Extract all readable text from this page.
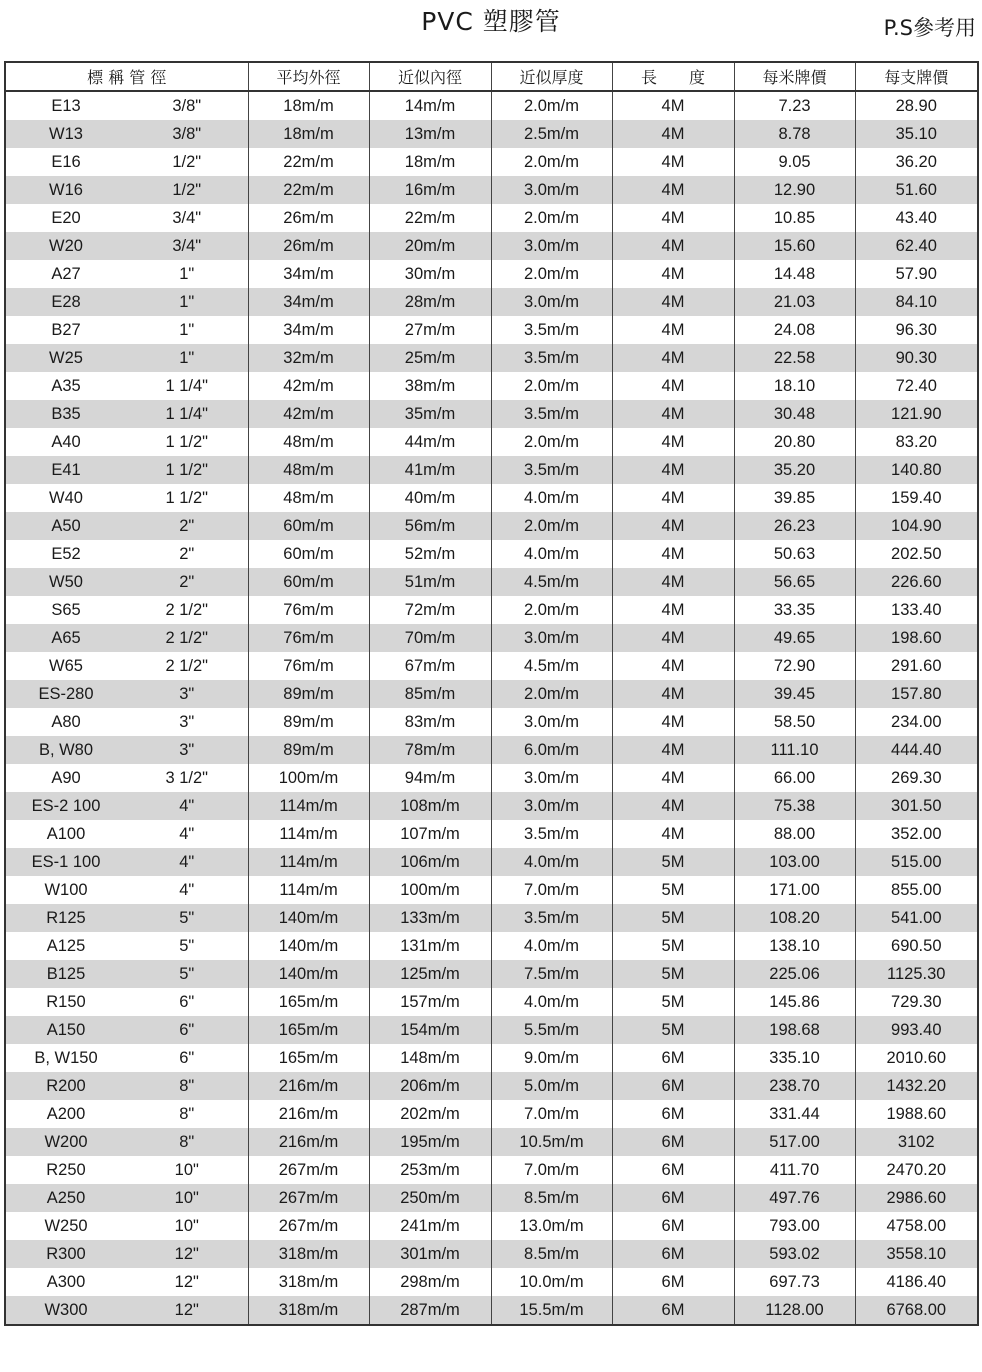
PVC 塑膠管	P.S參考用
標 稱 管 徑		平均外徑	近似內徑	近似厚度	長　　度	每米牌價	每支牌價
E13	3/8"	18m/m	14m/m	2.0m/m	4M	7.23	28.90
W13	3/8"	18m/m	13m/m	2.5m/m	4M	8.78	35.10
E16	1/2"	22m/m	18m/m	2.0m/m	4M	9.05	36.20
W16	1/2"	22m/m	16m/m	3.0m/m	4M	12.90	51.60
E20	3/4"	26m/m	22m/m	2.0m/m	4M	10.85	43.40
W20	3/4"	26m/m	20m/m	3.0m/m	4M	15.60	62.40
A27	1"	34m/m	30m/m	2.0m/m	4M	14.48	57.90
E28	1"	34m/m	28m/m	3.0m/m	4M	21.03	84.10
B27	1"	34m/m	27m/m	3.5m/m	4M	24.08	96.30
W25	1"	32m/m	25m/m	3.5m/m	4M	22.58	90.30
A35	1 1/4"	42m/m	38m/m	2.0m/m	4M	18.10	72.40
B35	1 1/4"	42m/m	35m/m	3.5m/m	4M	30.48	121.90
A40	1 1/2"	48m/m	44m/m	2.0m/m	4M	20.80	83.20
E41	1 1/2"	48m/m	41m/m	3.5m/m	4M	35.20	140.80
W40	1 1/2"	48m/m	40m/m	4.0m/m	4M	39.85	159.40
A50	2"	60m/m	56m/m	2.0m/m	4M	26.23	104.90
E52	2"	60m/m	52m/m	4.0m/m	4M	50.63	202.50
W50	2"	60m/m	51m/m	4.5m/m	4M	56.65	226.60
S65	2 1/2"	76m/m	72m/m	2.0m/m	4M	33.35	133.40
A65	2 1/2"	76m/m	70m/m	3.0m/m	4M	49.65	198.60
W65	2 1/2"	76m/m	67m/m	4.5m/m	4M	72.90	291.60
ES-280	3"	89m/m	85m/m	2.0m/m	4M	39.45	157.80
A80	3"	89m/m	83m/m	3.0m/m	4M	58.50	234.00
B, W80	3"	89m/m	78m/m	6.0m/m	4M	111.10	444.40
A90	3 1/2"	100m/m	94m/m	3.0m/m	4M	66.00	269.30
ES-2 100	4"	114m/m	108m/m	3.0m/m	4M	75.38	301.50
A100	4"	114m/m	107m/m	3.5m/m	4M	88.00	352.00
ES-1 100	4"	114m/m	106m/m	4.0m/m	5M	103.00	515.00
W100	4"	114m/m	100m/m	7.0m/m	5M	171.00	855.00
R125	5"	140m/m	133m/m	3.5m/m	5M	108.20	541.00
A125	5"	140m/m	131m/m	4.0m/m	5M	138.10	690.50
B125	5"	140m/m	125m/m	7.5m/m	5M	225.06	1125.30
R150	6"	165m/m	157m/m	4.0m/m	5M	145.86	729.30
A150	6"	165m/m	154m/m	5.5m/m	5M	198.68	993.40
B, W150	6"	165m/m	148m/m	9.0m/m	6M	335.10	2010.60
R200	8"	216m/m	206m/m	5.0m/m	6M	238.70	1432.20
A200	8"	216m/m	202m/m	7.0m/m	6M	331.44	1988.60
W200	8"	216m/m	195m/m	10.5m/m	6M	517.00	3102
R250	10"	267m/m	253m/m	7.0m/m	6M	411.70	2470.20
A250	10"	267m/m	250m/m	8.5m/m	6M	497.76	2986.60
W250	10"	267m/m	241m/m	13.0m/m	6M	793.00	4758.00
R300	12"	318m/m	301m/m	8.5m/m	6M	593.02	3558.10
A300	12"	318m/m	298m/m	10.0m/m	6M	697.73	4186.40
W300	12"	318m/m	287m/m	15.5m/m	6M	1128.00	6768.00
